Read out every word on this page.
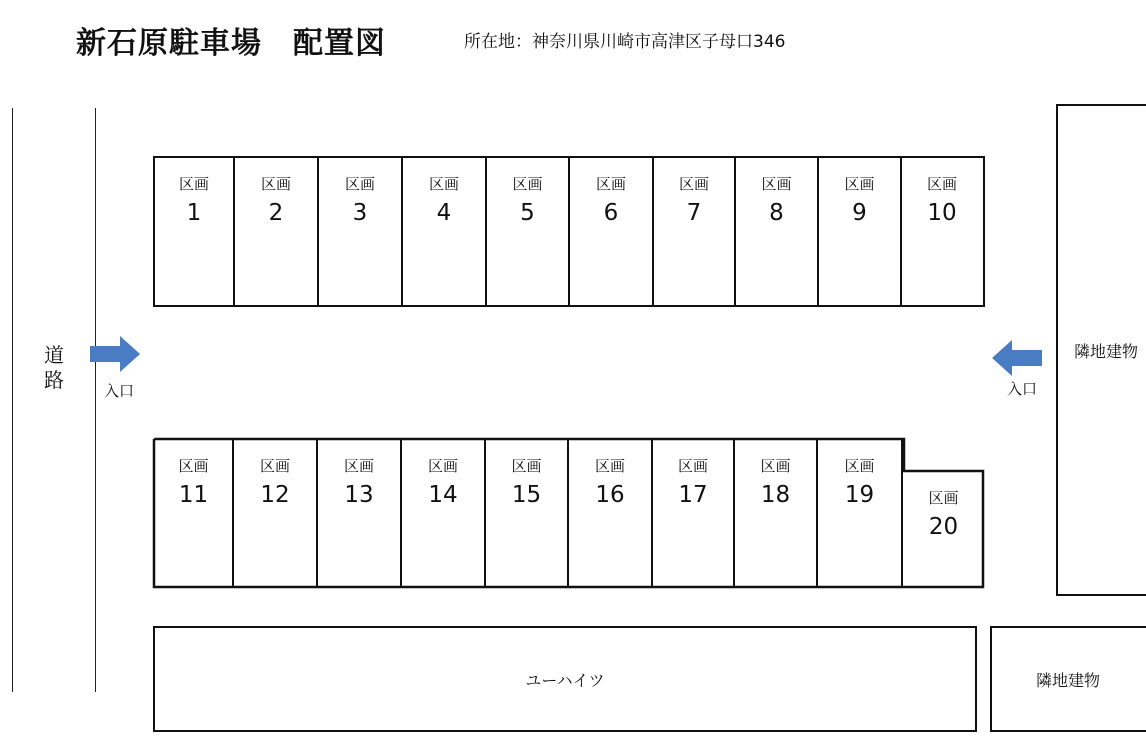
新石原駐車場　配置図	所在地：神奈川県川崎市高津区子母口346
道
路	入口	入口
区画
1
区画
2
区画
3
区画
4
区画
5
区画
6
区画
7
区画
8
区画
9
区画
10
区画
11
区画
12
区画
13
区画
14
区画
15
区画
16
区画
17
区画
18
区画
19	区画
20
隣地建物
ユーハイツ	隣地建物
